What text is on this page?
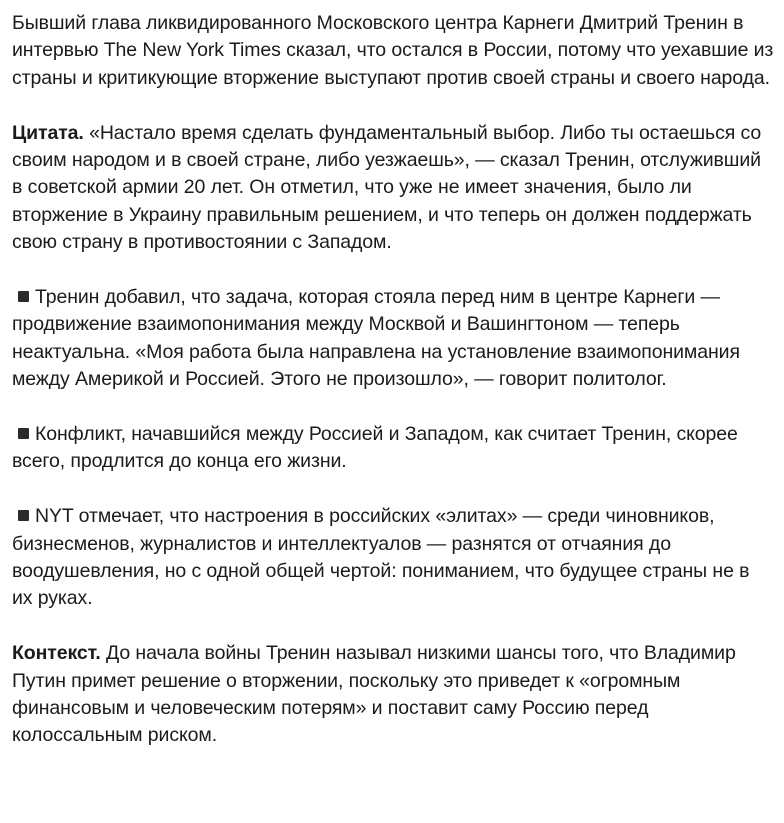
Бывший глава ликвидированного Московского центра Карнеги Дмитрий Тренин в интервью The New York Times сказал, что остался в России, потому что уехавшие из страны и критикующие вторжение выступают против своей страны и своего народа.

Цитата. «Настало время сделать фундаментальный выбор. Либо ты остаешься со своим народом и в своей стране, либо уезжаешь», — сказал Тренин, отслуживший в советской армии 20 лет. Он отметил, что уже не имеет значения, было ли вторжение в Украину правильным решением, и что теперь он должен поддержать свою страну в противостоянии с Западом.

Тренин добавил, что задача, которая стояла перед ним в центре Карнеги — продвижение взаимопонимания между Москвой и Вашингтоном — теперь неактуальна. «Моя работа была направлена на установление взаимопонимания между Америкой и Россией. Этого не произошло», — говорит политолог.

Конфликт, начавшийся между Россией и Западом, как считает Тренин, скорее всего, продлится до конца его жизни.

NYT отмечает, что настроения в российских «элитах» — среди чиновников, бизнесменов, журналистов и интеллектуалов — разнятся от отчаяния до воодушевления, но с одной общей чертой: пониманием, что будущее страны не в их руках.

Контекст. До начала войны Тренин называл низкими шансы того, что Владимир Путин примет решение о вторжении, поскольку это приведет к «огромным финансовым и человеческим потерям» и поставит саму Россию перед колоссальным риском.
